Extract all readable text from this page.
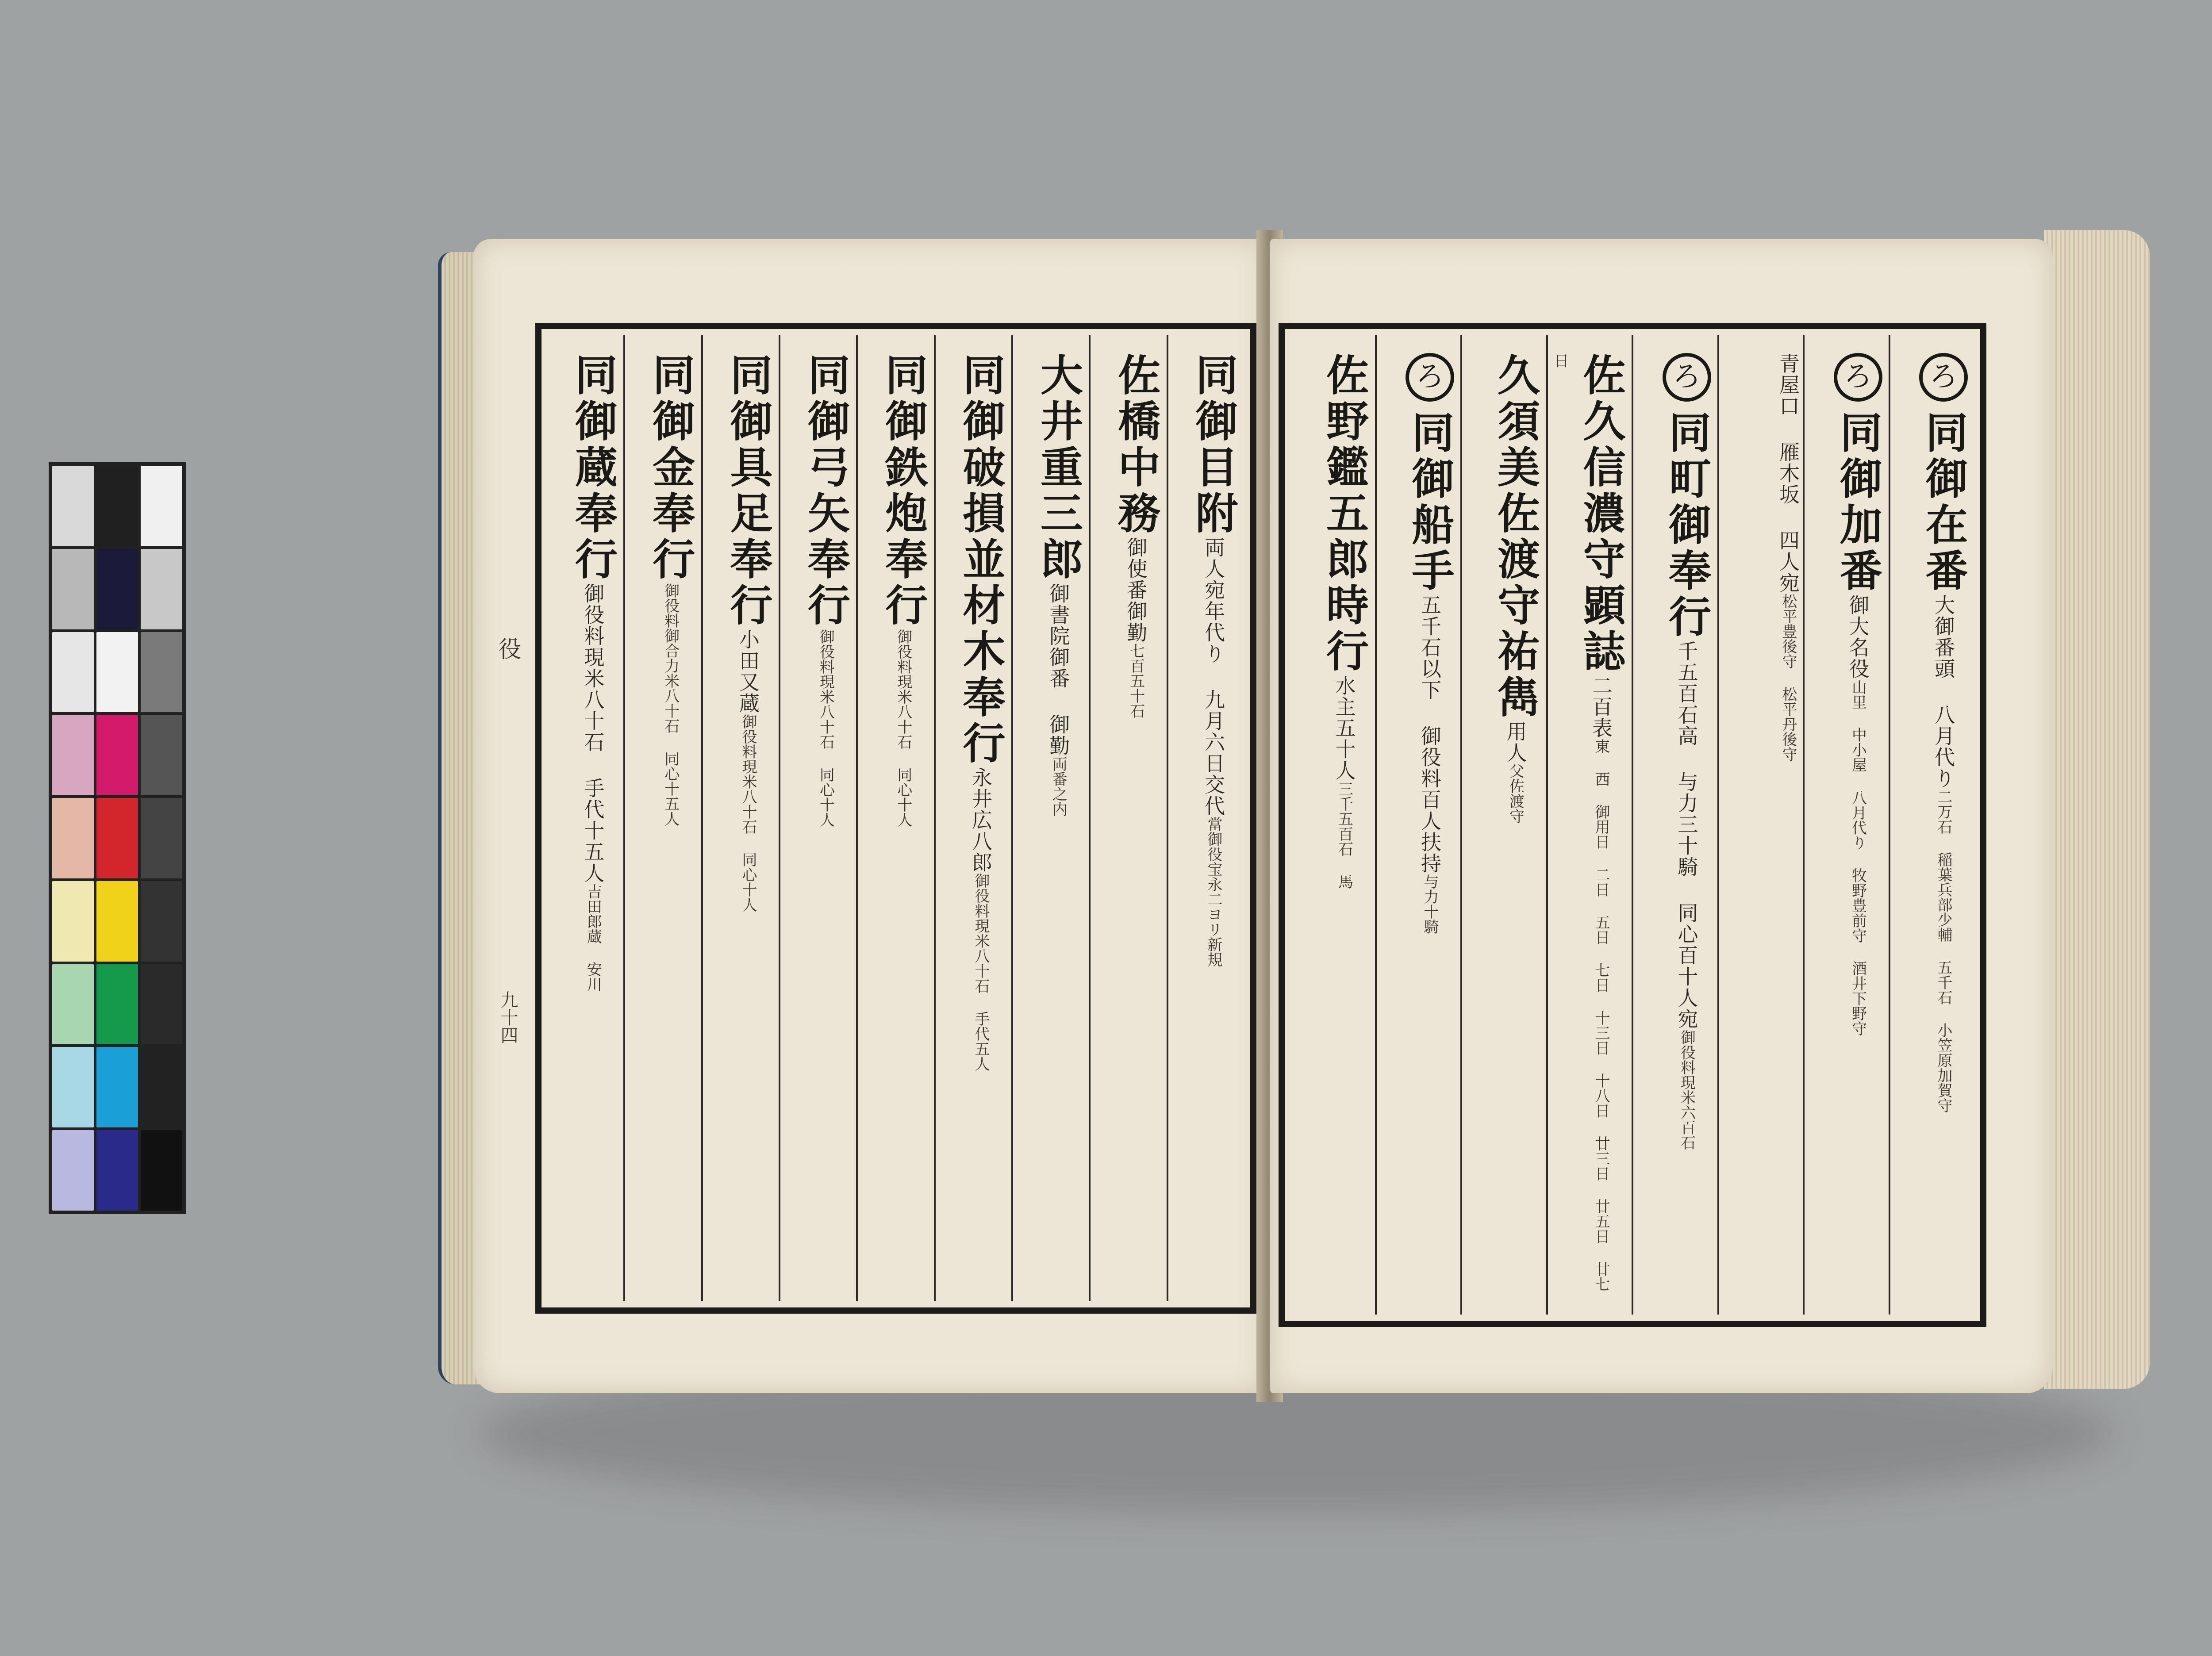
役
九十四
同御目附両人宛年代り 九月六日交代當御役宝永二ヨリ新規
佐橋中務御使番御勤七百五十石
大井重三郎御書院御番 御勤両番之内
同御破損並材木奉行永井広八郎御役料現米八十石 手代五人
同御鉄炮奉行御役料現米八十石 同心十人
同御弓矢奉行御役料現米八十石 同心十人
同御具足奉行小田又蔵御役料現米八十石 同心十人
同御金奉行御役料御合力米八十石 同心十五人
同御蔵奉行御役料現米八十石 手代十五人吉田郎蔵 安川
ろ同御在番大御番頭 八月代り二万石 稲葉兵部少輔 五千石 小笠原加賀守
ろ同御加番御大名役山里 中小屋 八月代り 牧野豊前守 酒井下野守
青屋口 雁木坂 四人宛松平豊後守 松平丹後守
ろ同町御奉行千五百石高 与力三十騎 同心百十人宛御役料現米六百石
佐久信濃守顕誌二百表東 西 御用日 二日 五日 七日 十三日 十八日 廿三日 廿五日 廿七日
久須美佐渡守祐雋用人父佐渡守
ろ同御船手五千石以下 御役料百人扶持与力十騎
佐野鑑五郎時行水主五十人三千五百石 馬
